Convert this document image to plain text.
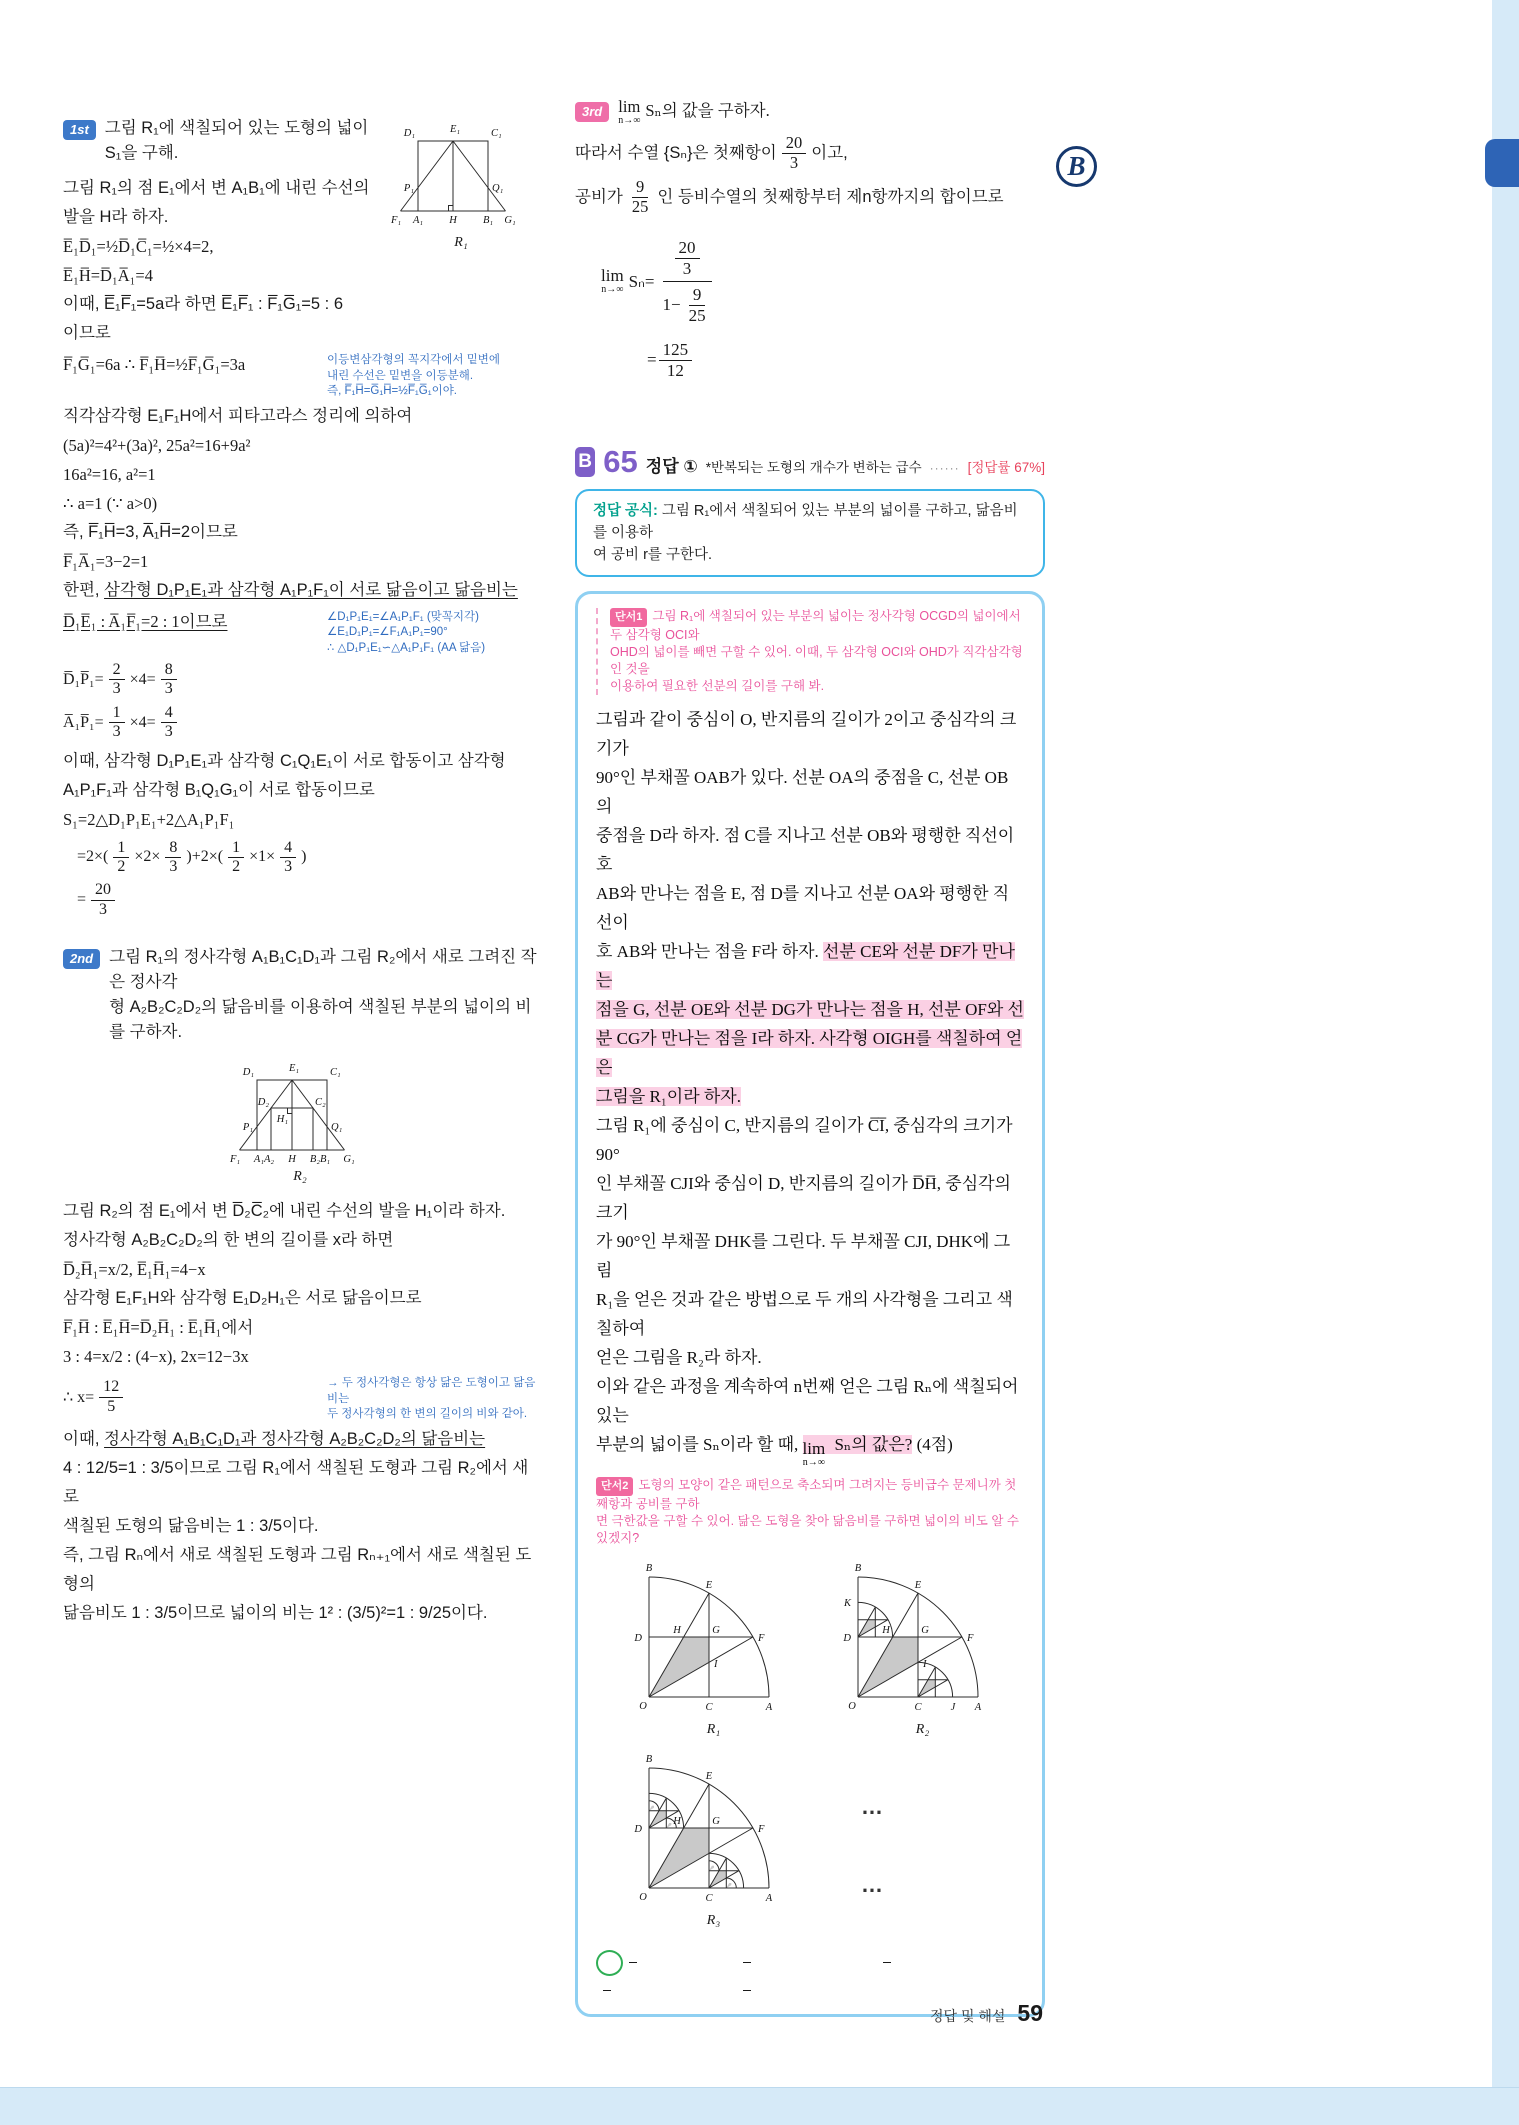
B
D₁	E₁	C₁
P₁	Q₁
F₁ A₁ H B₁ G₁
R₁
1st 그림 R₁에 색칠되어 있는 도형의 넓이 S₁을 구해.
그림 R₁의 점 E₁에서 변 A₁B₁에 내린 수선의
발을 H라 하자.
E̅₁D̅₁=½D̅₁C̅₁=½×4=2,
E̅₁H̅=D̅₁A̅₁=4
이때, E̅₁F̅₁=5a라 하면 E̅₁F̅₁ : F̅₁G̅₁=5 : 6
이므로
F̅₁G̅₁=6a ∴ F̅₁H̅=½F̅₁G̅₁=3a	이등변삼각형의 꼭지각에서 밑변에
내린 수선은 밑변을 이등분해.
즉, F̅₁H̅=G̅₁H̅=½F̅₁G̅₁이야.
직각삼각형 E₁F₁H에서 피타고라스 정리에 의하여
(5a)²=4²+(3a)², 25a²=16+9a²
16a²=16, a²=1
∴ a=1 (∵ a>0)
즉, F̅₁H̅=3, A̅₁H̅=2이므로
F̅₁A̅₁=3−2=1
한편, 삼각형 D₁P₁E₁과 삼각형 A₁P₁F₁이 서로 닮음이고 닮음비는
D̅₁E̅₁ : A̅₁F̅₁=2 : 1이므로	∠D₁P₁E₁=∠A₁P₁F₁ (맞꼭지각)
∠E₁D₁P₁=∠F₁A₁P₁=90°
∴ △D₁P₁E₁∽△A₁P₁F₁ (AA 닮음)
D̅₁P̅₁= $\frac{2}{3} \times 4= \frac{8}{3}$
A̅₁P̅₁= $\frac{1}{3} \times 4= \frac{4}{3}$
이때, 삼각형 D₁P₁E₁과 삼각형 C₁Q₁E₁이 서로 합동이고 삼각형
A₁P₁F₁과 삼각형 B₁Q₁G₁이 서로 합동이므로
S₁=2△D₁P₁E₁+2△A₁P₁F₁
$=2\times( \frac{1}{2} \times 2\times \frac{8}{3} )+2\times( \frac{1}{2} \times 1\times \frac{4}{3}$ )
= $\frac{20}{3}$
2nd 그림 R₁의 정사각형 A₁B₁C₁D₁과 그림 R₂에서 새로 그려진 작은 정사각
형 A₂B₂C₂D₂의 닮음비를 이용하여 색칠된 부분의 넓이의 비를 구하자.
D₁	E₁	C₁
D₂	C₂
P₁
H₁
Q₁
F₁ A₁A₂ H B₂B₁ G₁
R₂
그림 R₂의 점 E₁에서 변 D̅₂C̅₂에 내린 수선의 발을 H₁이라 하자.
정사각형 A₂B₂C₂D₂의 한 변의 길이를 x라 하면
D̅₂H̅₁=x/2, E̅₁H̅₁=4−x
삼각형 E₁F₁H와 삼각형 E₁D₂H₁은 서로 닮음이므로
F̅₁H̅ : E̅₁H̅=D̅₂H̅₁ : E̅₁H̅₁에서
3 : 4=x/2 : (4−x), 2x=12−3x
∴ $x= \frac{12}{5}$	→ 두 정사각형은 항상 닮은 도형이고 닮음비는
두 정사각형의 한 변의 길이의 비와 같아.
이때, 정사각형 A₁B₁C₁D₁과 정사각형 A₂B₂C₂D₂의 닮음비는
4 : 12/5=1 : 3/5이므로 그림 R₁에서 색칠된 도형과 그림 R₂에서 새로
색칠된 도형의 닮음비는 1 : 3/5이다.
즉, 그림 Rₙ에서 새로 색칠된 도형과 그림 Rₙ₊₁에서 새로 색칠된 도형의
닮음비도 1 : 3/5이므로 넓이의 비는 1² : (3/5)²=1 : 9/25이다.
3rd lim
n→∞
Sₙ의 값을 구하자.
따라서 수열 {Sₙ}은 첫째항이 $\frac{20}{3}$ 이고,
공비가 $\frac{9}{25}$ 인 등비수열의 첫째항부터 제n항까지의 합이므로
lim
n→∞ $S_n= \frac{\frac{20}{3}}{1- \frac{9}{25}}$
= $\frac{125}{12}$
B 65 정답 ① *반복되는 도형의 개수가 변하는 급수 ······ [정답률 67%]
정답 공식: 그림 R₁에서 색칠되어 있는 부분의 넓이를 구하고, 닮음비를 이용하
여 공비 r를 구한다.
단서1 그림 R₁에 색칠되어 있는 부분의 넓이는 정사각형 OCGD의 넓이에서 두 삼각형 OCI와
OHD의 넓이를 빼면 구할 수 있어. 이때, 두 삼각형 OCI와 OHD가 직각삼각형인 것을
이용하여 필요한 선분의 길이를 구해 봐.
그림과 같이 중심이 O, 반지름의 길이가 2이고 중심각의 크기가
90°인 부채꼴 OAB가 있다. 선분 OA의 중점을 C, 선분 OB의
중점을 D라 하자. 점 C를 지나고 선분 OB와 평행한 직선이 호
AB와 만나는 점을 E, 점 D를 지나고 선분 OA와 평행한 직선이
호 AB와 만나는 점을 F라 하자. 선분 CE와 선분 DF가 만나는
점을 G, 선분 OE와 선분 DG가 만나는 점을 H, 선분 OF와 선
분 CG가 만나는 점을 I라 하자. 사각형 OIGH를 색칠하여 얻은
그림을 R₁이라 하자.
그림 R₁에 중심이 C, 반지름의 길이가 C̅I̅, 중심각의 크기가 90°
인 부채꼴 CJI와 중심이 D, 반지름의 길이가 D̅H̅, 중심각의 크기
가 90°인 부채꼴 DHK를 그린다. 두 부채꼴 CJI, DHK에 그림
R₁을 얻은 것과 같은 방법으로 두 개의 사각형을 그리고 색칠하여
얻은 그림을 R₂라 하자.
이와 같은 과정을 계속하여 n번째 얻은 그림 Rₙ에 색칠되어 있는
부분의 넓이를 Sₙ이라 할 때, lim
n→∞
Sₙ의 값은? (4점)
단서2 도형의 모양이 같은 패턴으로 축소되며 그려지는 등비급수 문제니까 첫째항과 공비를 구하
면 극한값을 구할 수 있어. 닮은 도형을 찾아 닮음비를 구하면 넓이의 비도 알 수 있겠지?
B
E
F
H	G
I
D
O	C	A
R₁
B
K
E
F
H	G
I
D
O	C	J A
R₂
B
E
F
H	G
D
O	C	A
R₃
…
…
정답 및 해설 59
